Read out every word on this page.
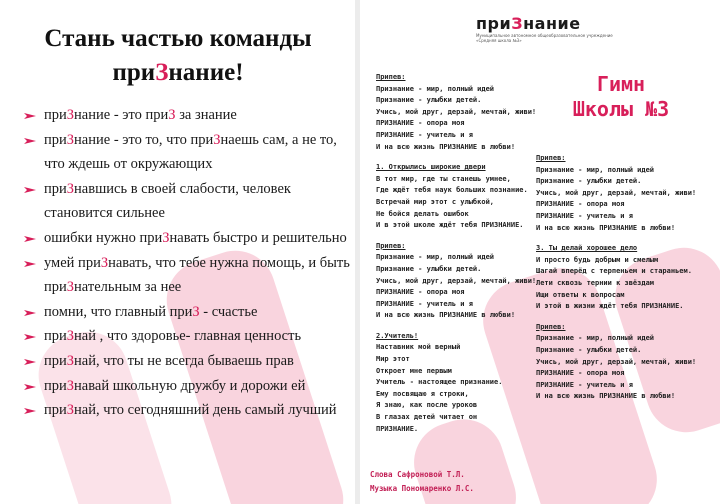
Стань частью команды
приЗнание!
приЗнание - это приЗ за знание
приЗнание - это то, что приЗнаешь сам, а не то, что ждешь от окружающих
приЗнавшись в своей слабости, человек становится сильнее
ошибки нужно приЗнавать быстро и решительно
умей приЗнавать, что тебе нужна помощь, и быть приЗнательным за нее
помни, что главный приЗ - счастье
приЗнай , что здоровье- главная ценность
приЗнай, что ты не всегда бываешь прав
приЗнавай школьную дружбу и дорожи ей
приЗнай, что сегодняшний день самый лучший
приЗнание
Муниципальное автономное общеобразовательное учреждение «Средняя школа №3»
Гимн
Школы №3
Припев:
Признание - мир, полный идей
Признание - улыбки детей.
Учись, мой друг, дерзай, мечтай, живи!
ПРИЗНАНИЕ - опора моя
ПРИЗНАНИЕ - учитель и я
И на всю жизнь ПРИЗНАНИЕ в любви!
1. Открылись широкие двери
В тот мир, где ты станешь умнее,
Где ждёт тебя наук больших познание.
Встречай мир этот с улыбкой,
Не бойся делать ошибок
И в этой школе ждёт тебя ПРИЗНАНИЕ.
Припев:
Признание - мир, полный идей
Признание - улыбки детей.
Учись, мой друг, дерзай, мечтай, живи!
ПРИЗНАНИЕ - опора моя
ПРИЗНАНИЕ - учитель и я
И на всю жизнь ПРИЗНАНИЕ в любви!
2.Учитель!
Наставник мой верный
Мир этот
Откроет мне первым
Учитель - настоящее признание.
Ему посвящаю я строки,
Я знаю, как после уроков
В глазах детей читает он
ПРИЗНАНИЕ.
Припев:
Признание - мир, полный идей
Признание - улыбки детей.
Учись, мой друг, дерзай, мечтай, живи!
ПРИЗНАНИЕ - опора моя
ПРИЗНАНИЕ - учитель и я
И на всю жизнь ПРИЗНАНИЕ в любви!
3. Ты делай хорошее дело
И просто будь добрым и смелым
Шагай вперёд с терпеньем и стараньем.
Лети сквозь тернии к звёздам
Ищи ответы к вопросам
И этой в жизни ждёт тебя ПРИЗНАНИЕ.
Припев:
Признание - мир, полный идей
Признание - улыбки детей.
Учись, мой друг, дерзай, мечтай, живи!
ПРИЗНАНИЕ - опора моя
ПРИЗНАНИЕ - учитель и я
И на всю жизнь ПРИЗНАНИЕ в любви!
Слова Сафроновой Т.Л.
Музыка Пономаренко Л.С.
